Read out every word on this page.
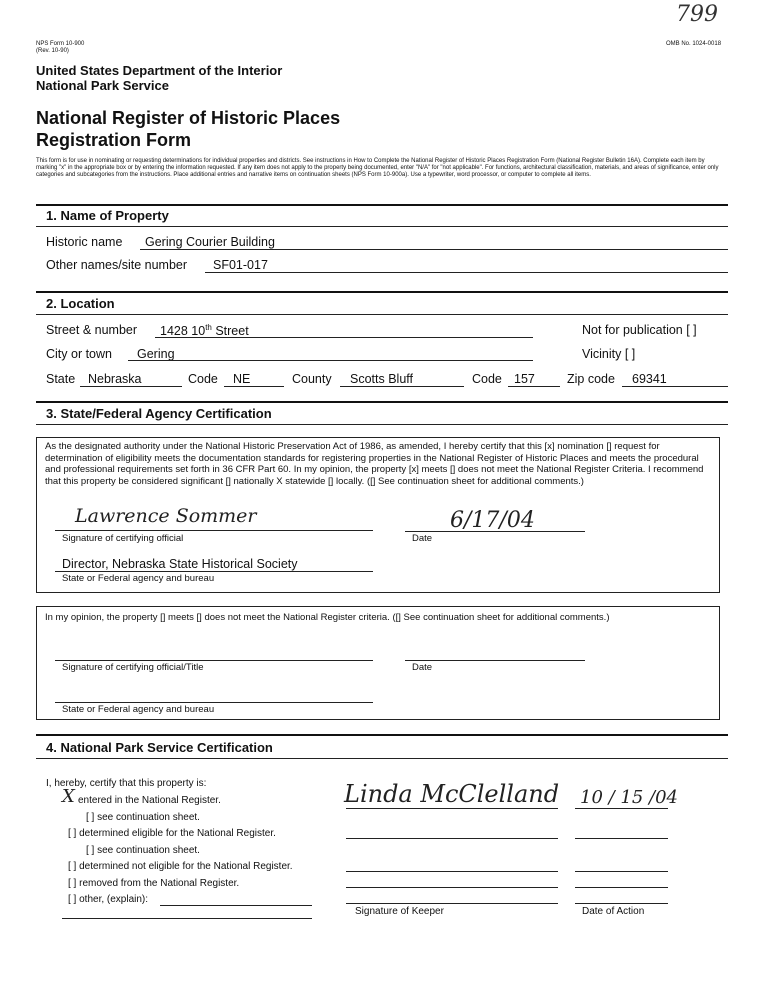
799
NPS Form 10-900
(Rev. 10-90)
OMB No. 1024-0018
United States Department of the Interior
National Park Service
National Register of Historic Places
Registration Form
This form is for use in nominating or requesting determinations for individual properties and districts. See instructions in How to Complete the National Register of Historic Places Registration Form (National Register Bulletin 16A). Complete each item by marking "x" in the appropriate box or by entering the information requested. If any item does not apply to the property being documented, enter "N/A" for "not applicable". For functions, architectural classification, materials, and areas of significance, enter only categories and subcategories from the instructions. Place additional entries and narrative items on continuation sheets (NPS Form 10-900a). Use a typewriter, word processor, or computer to complete all items.
1. Name of Property
Historic name Gering Courier Building
Other names/site number SF01-017
2. Location
Street & number 1428 10th Street	Not for publication [ ]
City or town Gering	Vicinity [ ]
State Nebraska	Code NE	County Scotts Bluff	Code 157	Zip code 69341
3. State/Federal Agency Certification
As the designated authority under the National Historic Preservation Act of 1986, as amended, I hereby certify that this [x] nomination [] request for determination of eligibility meets the documentation standards for registering properties in the National Register of Historic Places and meets the procedural and professional requirements set forth in 36 CFR Part 60. In my opinion, the property [x] meets [] does not meet the National Register Criteria. I recommend that this property be considered significant [] nationally X statewide [] locally. ([] See continuation sheet for additional comments.)
Lawrence Sommer
Signature of certifying official
6/17/04
Date
Director, Nebraska State Historical Society
State or Federal agency and bureau
In my opinion, the property [] meets [] does not meet the National Register criteria. ([] See continuation sheet for additional comments.)
Signature of certifying official/Title	Date
State or Federal agency and bureau
4. National Park Service Certification
I, hereby, certify that this property is:
X entered in the National Register.
[ ] see continuation sheet.
[ ] determined eligible for the National Register.
[ ] see continuation sheet.
[ ] determined not eligible for the National Register.
[ ] removed from the National Register.
[ ] other, (explain):
Linda McClelland 10 / 15 /04
Signature of Keeper	Date of Action
